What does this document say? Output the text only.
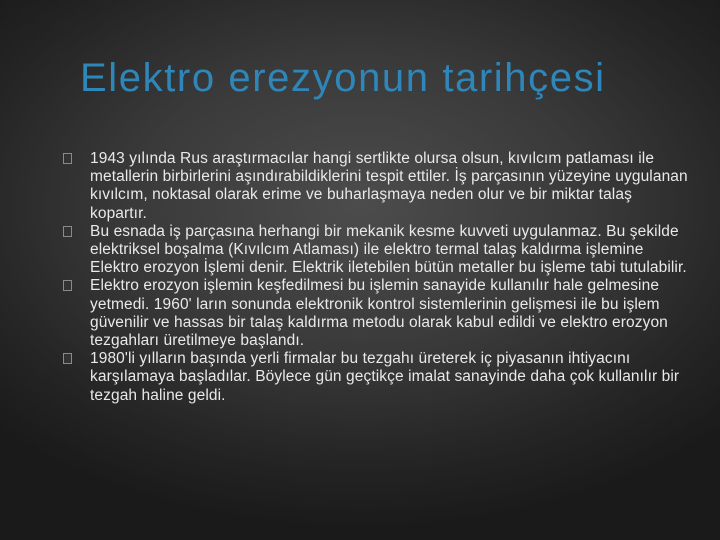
Elektro erezyonun tarihçesi
1943 yılında Rus araştırmacılar hangi sertlikte olursa olsun, kıvılcım patlaması ile metallerin birbirlerini aşındırabildiklerini tespit ettiler. İş parçasının yüzeyine uygulanan kıvılcım, noktasal olarak erime ve buharlaşmaya neden olur ve bir miktar talaş kopartır.
Bu esnada iş parçasına herhangi bir mekanik kesme kuvveti uygulanmaz. Bu şekilde elektriksel boşalma (Kıvılcım Atlaması) ile elektro termal talaş kaldırma işlemine Elektro erozyon İşlemi denir. Elektrik iletebilen bütün metaller bu işleme tabi tutulabilir.
Elektro erozyon işlemin keşfedilmesi bu işlemin sanayide kullanılır hale gelmesine yetmedi. 1960' ların sonunda elektronik kontrol sistemlerinin gelişmesi ile bu işlem güvenilir ve hassas bir talaş kaldırma metodu olarak kabul edildi ve elektro erozyon tezgahları üretilmeye başlandı.
1980'li yılların başında yerli firmalar bu tezgahı üreterek iç piyasanın ihtiyacını karşılamaya başladılar. Böylece gün geçtikçe imalat sanayinde daha çok kullanılır bir tezgah haline geldi.
